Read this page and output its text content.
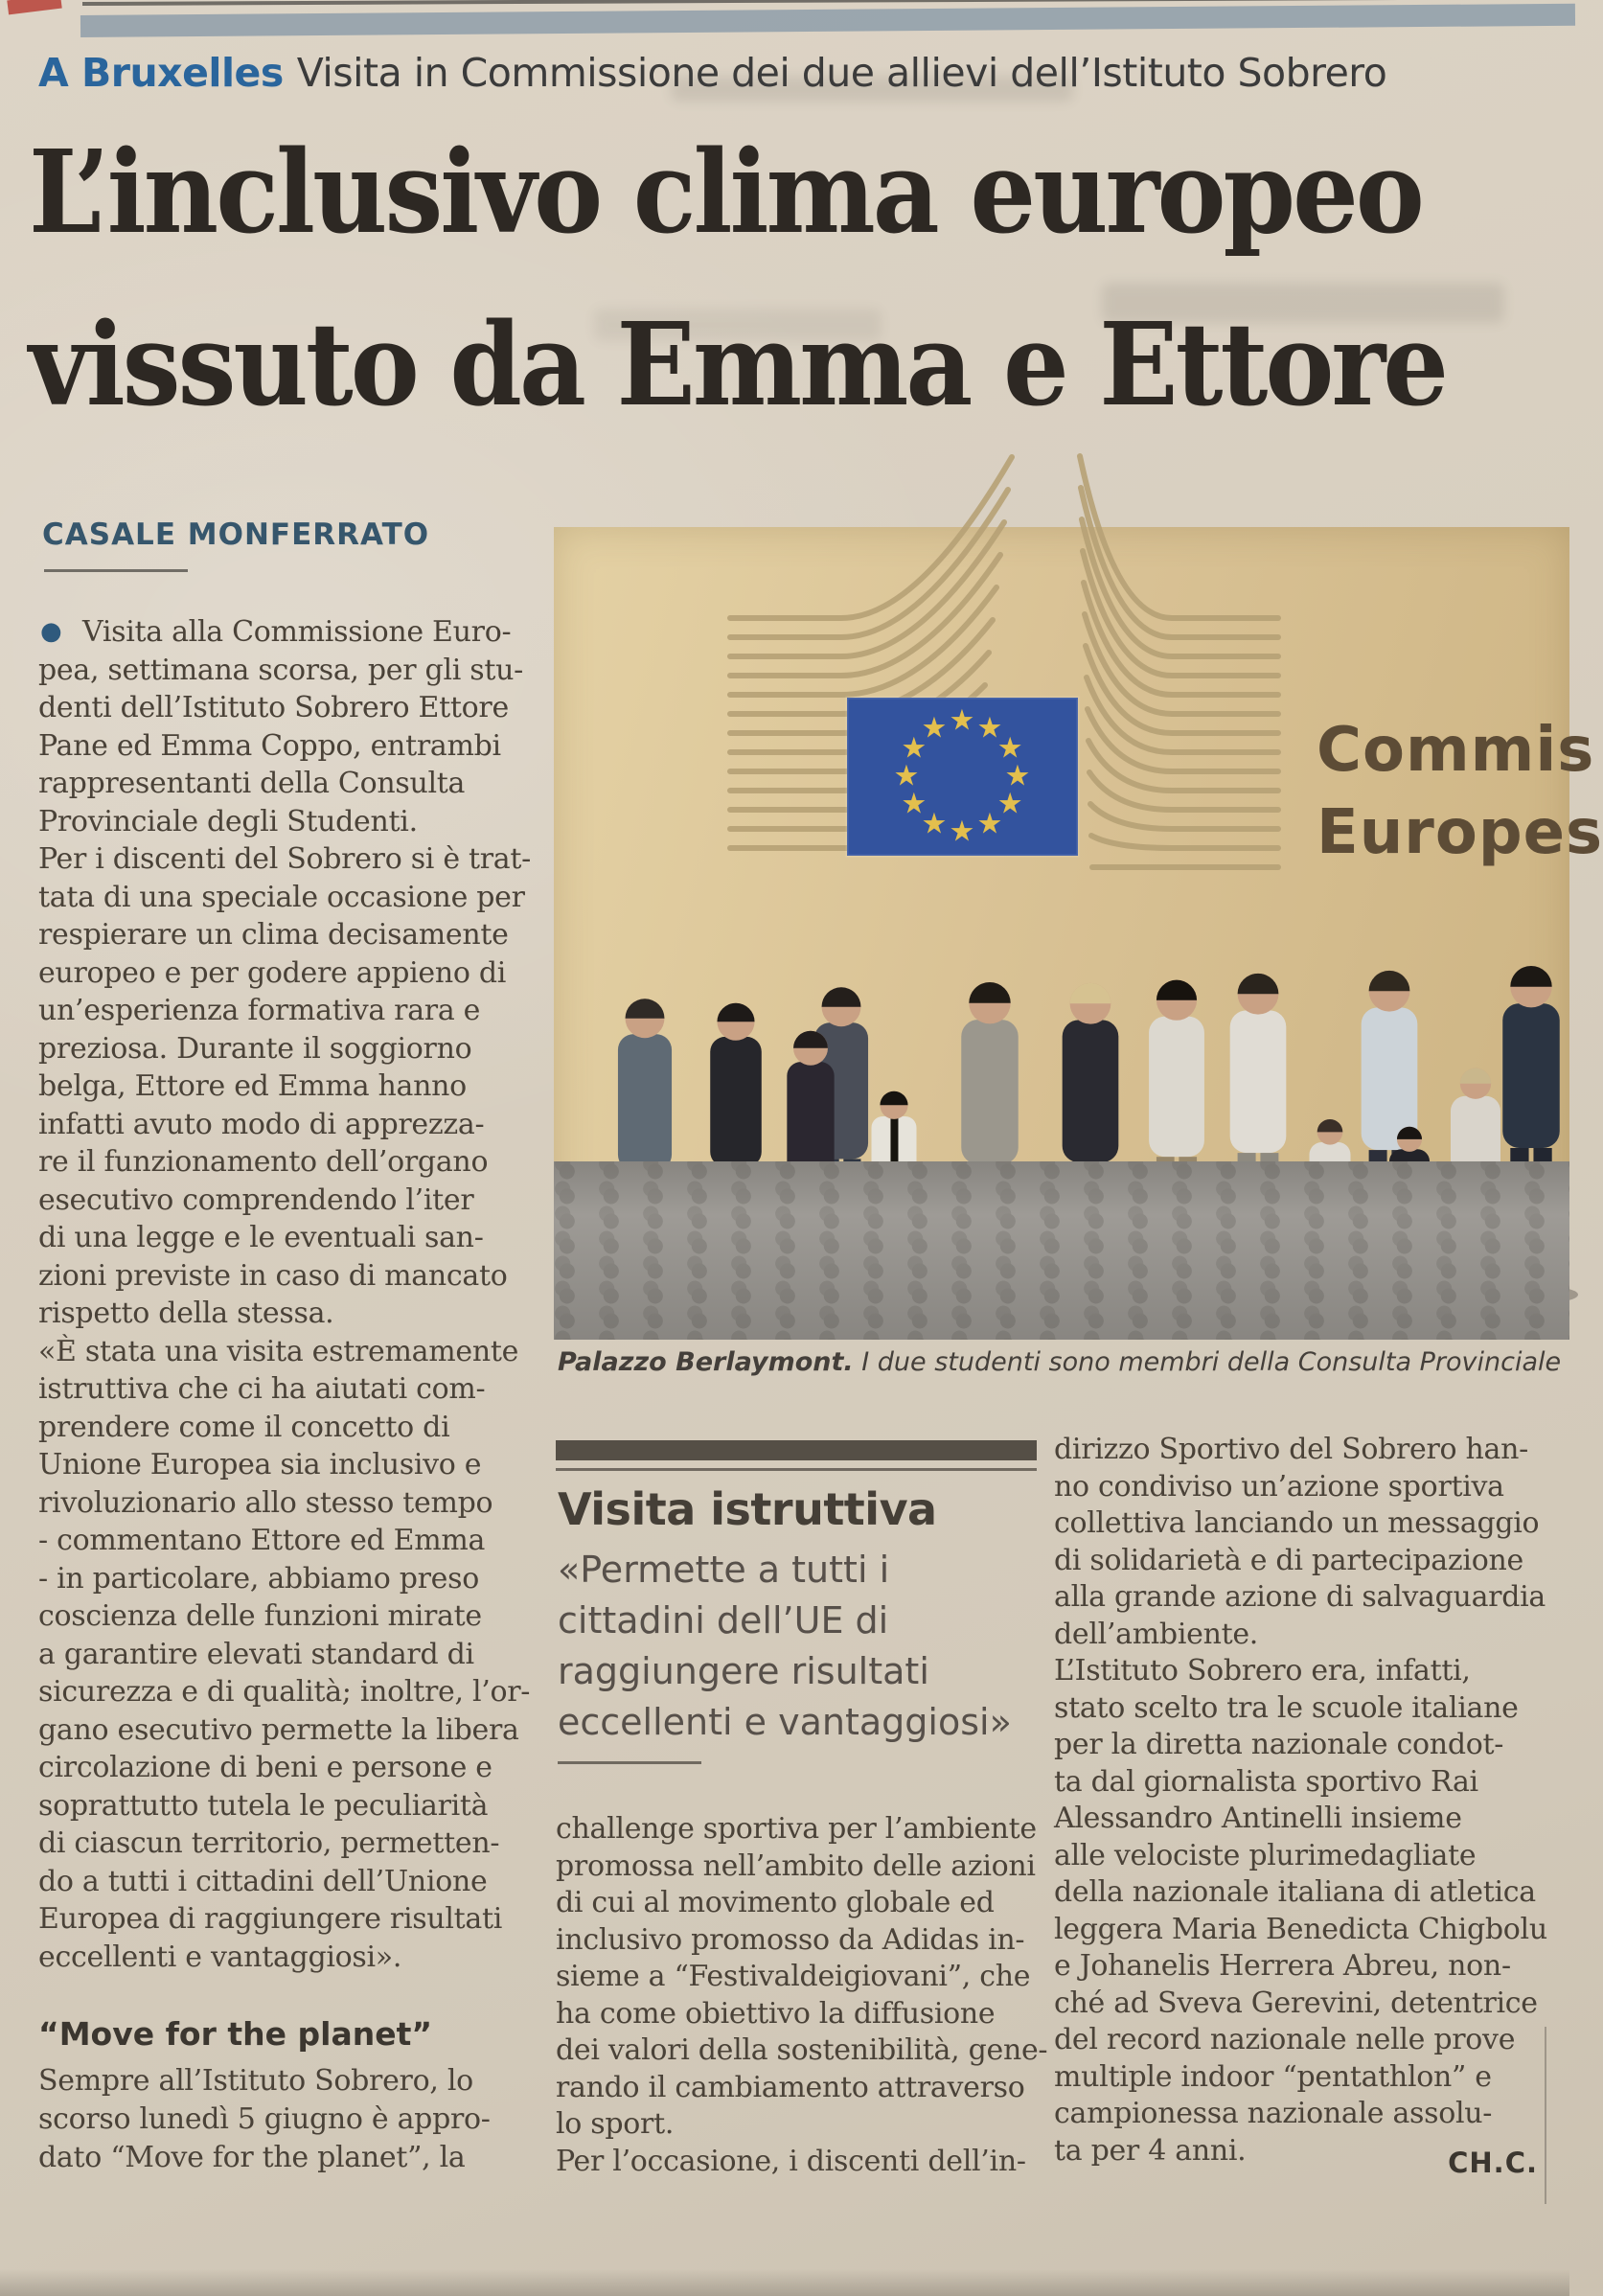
A Bruxelles Visita in Commissione dei due allievi dell’Istituto Sobrero
L’inclusivo clima europeo
vissuto da Emma e Ettore
CASALE MONFERRATO
★ ★
★
★
★
★
★
★
★
★
★
★	Commis
Europes
Palazzo Berlaymont. I due studenti sono membri della Consulta Provinciale
Visita istruttiva
«Permette a tutti i
cittadini dell’UE di
raggiungere risultati
eccellenti e vantaggiosi»
● Visita alla Commissione Euro-
pea, settimana scorsa, per gli stu-
denti dell’Istituto Sobrero Ettore
Pane ed Emma Coppo, entrambi
rappresentanti della Consulta
Provinciale degli Studenti.
Per i discenti del Sobrero si è trat-
tata di una speciale occasione per
respierare un clima decisamente
europeo e per godere appieno di
un’esperienza formativa rara e
preziosa. Durante il soggiorno
belga, Ettore ed Emma hanno
infatti avuto modo di apprezza-
re il funzionamento dell’organo
esecutivo comprendendo l’iter
di una legge e le eventuali san-
zioni previste in caso di mancato
rispetto della stessa.
«È stata una visita estremamente
istruttiva che ci ha aiutati com-
prendere come il concetto di
Unione Europea sia inclusivo e
rivoluzionario allo stesso tempo
- commentano Ettore ed Emma
- in particolare, abbiamo preso
coscienza delle funzioni mirate
a garantire elevati standard di
sicurezza e di qualità; inoltre, l’or-
gano esecutivo permette la libera
circolazione di beni e persone e
soprattutto tutela le peculiarità
di ciascun territorio, permetten-
do a tutti i cittadini dell’Unione
Europea di raggiungere risultati
eccellenti e vantaggiosi».
“Move for the planet”
Sempre all’Istituto Sobrero, lo
scorso lunedì 5 giugno è appro-
dato “Move for the planet”, la
challenge sportiva per l’ambiente
promossa nell’ambito delle azioni
di cui al movimento globale ed
inclusivo promosso da Adidas in-
sieme a “Festivaldeigiovani”, che
ha come obiettivo la diffusione
dei valori della sostenibilità, gene-
rando il cambiamento attraverso
lo sport.
Per l’occasione, i discenti dell’in-
dirizzo Sportivo del Sobrero han-
no condiviso un’azione sportiva
collettiva lanciando un messaggio
di solidarietà e di partecipazione
alla grande azione di salvaguardia
dell’ambiente.
L’Istituto Sobrero era, infatti,
stato scelto tra le scuole italiane
per la diretta nazionale condot-
ta dal giornalista sportivo Rai
Alessandro Antinelli insieme
alle velociste plurimedagliate
della nazionale italiana di atletica
leggera Maria Benedicta Chigbolu
e Johanelis Herrera Abreu, non-
ché ad Sveva Gerevini, detentrice
del record nazionale nelle prove
multiple indoor “pentathlon” e
campionessa nazionale assolu-
ta per 4 anni.	CH.C.
